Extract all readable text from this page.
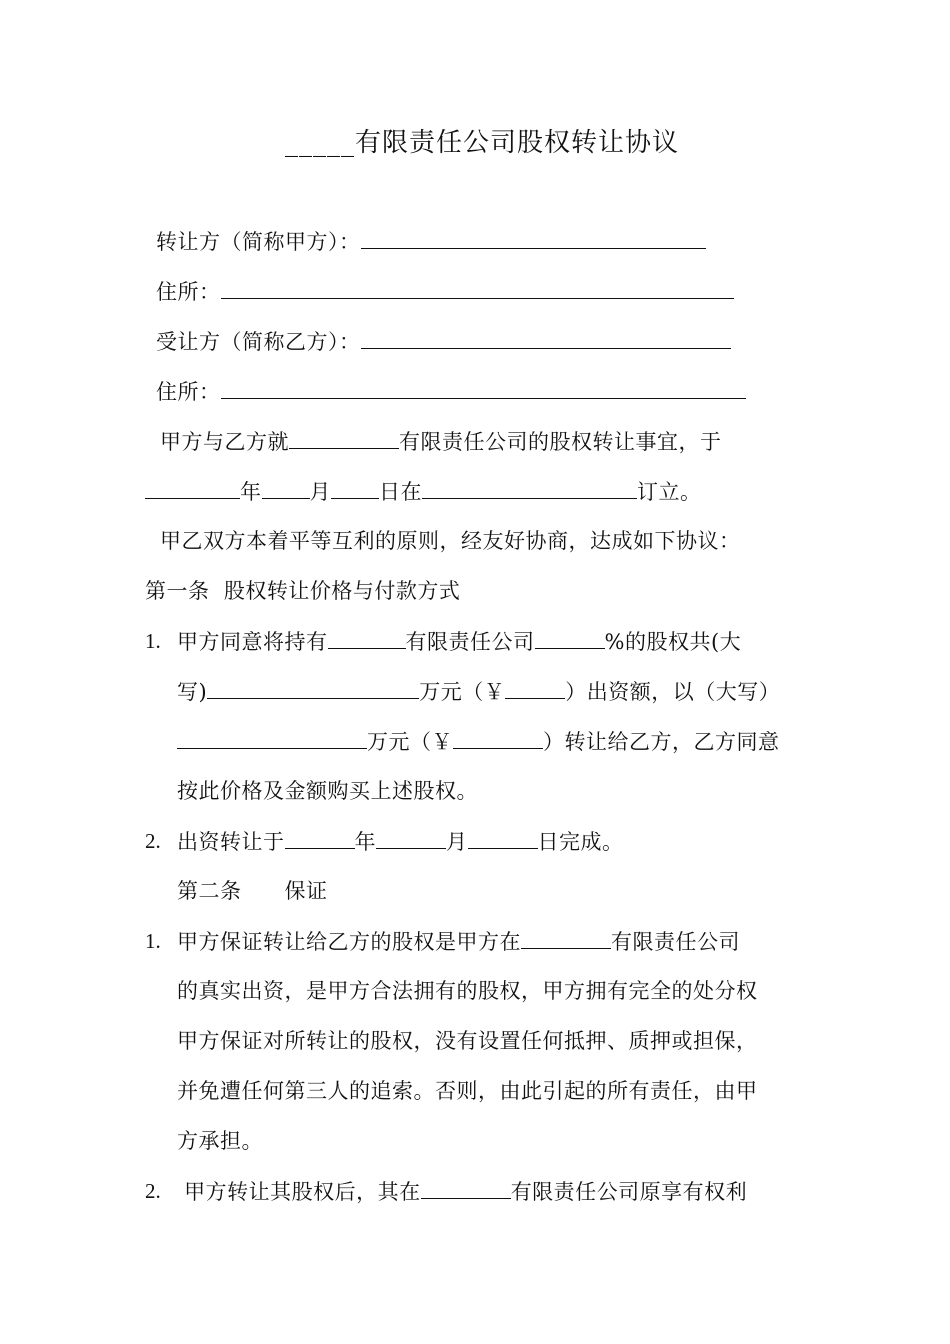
_____有限责任公司股权转让协议
转让方（简称甲方）：
住所：
受让方（简称乙方）：
住所：
甲方与乙方就	有限责任公司的股权转让事宜，于
年 月 日在	订立。
甲乙双方本着平等互利的原则，经友好协商，达成如下协议：
第一条  股权转让价格与付款方式
1. 甲方同意将持有	有限责任公司	%的股权共(大
写)	万元（￥	）出资额，以（大写）
万元（￥	）转让给乙方，乙方同意
按此价格及金额购买上述股权。
2. 出资转让于	年	月	日完成。
第二条      保证
1. 甲方保证转让给乙方的股权是甲方在	有限责任公司
的真实出资，是甲方合法拥有的股权，甲方拥有完全的处分权
甲方保证对所转让的股权，没有设置任何抵押、质押或担保，
并免遭任何第三人的追索。否则，由此引起的所有责任，由甲
方承担。
2. 甲方转让其股权后，其在	有限责任公司原享有权利
